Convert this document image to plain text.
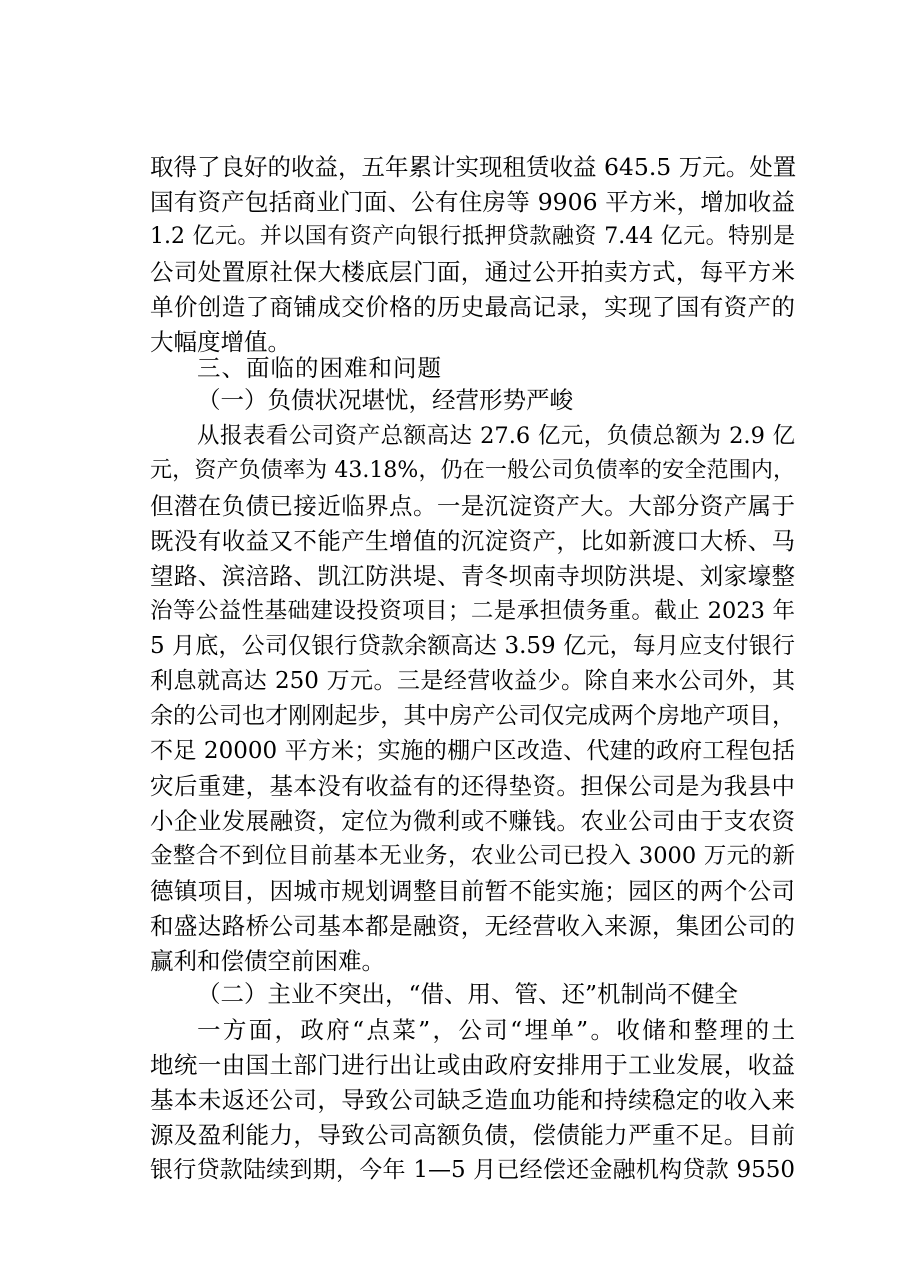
取得了良好的收益，五年累计实现租赁收益 645.5 万元。处置
国有资产包括商业门面、公有住房等 9906 平方米，增加收益
1.2 亿元。并以国有资产向银行抵押贷款融资 7.44 亿元。特别是
公司处置原社保大楼底层门面，通过公开拍卖方式，每平方米
单价创造了商铺成交价格的历史最高记录，实现了国有资产的
大幅度增值。
三、面临的困难和问题
（一）负债状况堪忧，经营形势严峻
从报表看公司资产总额高达 27.6 亿元，负债总额为 2.9 亿
元，资产负债率为 43.18%，仍在一般公司负债率的安全范围内，
但潜在负债已接近临界点。一是沉淀资产大。大部分资产属于
既没有收益又不能产生增值的沉淀资产，比如新渡口大桥、马
望路、滨涪路、凯江防洪堤、青冬坝南寺坝防洪堤、刘家壕整
治等公益性基础建设投资项目；二是承担债务重。截止 2023 年
5 月底，公司仅银行贷款余额高达 3.59 亿元，每月应支付银行
利息就高达 250 万元。三是经营收益少。除自来水公司外，其
余的公司也才刚刚起步，其中房产公司仅完成两个房地产项目，
不足 20000 平方米；实施的棚户区改造、代建的政府工程包括
灾后重建，基本没有收益有的还得垫资。担保公司是为我县中
小企业发展融资，定位为微利或不赚钱。农业公司由于支农资
金整合不到位目前基本无业务，农业公司已投入 3000 万元的新
德镇项目，因城市规划调整目前暂不能实施；园区的两个公司
和盛达路桥公司基本都是融资，无经营收入来源，集团公司的
赢利和偿债空前困难。
（二）主业不突出，“借、用、管、还”机制尚不健全
一方面，政府“点菜”，公司“埋单”。收储和整理的土
地统一由国土部门进行出让或由政府安排用于工业发展，收益
基本未返还公司，导致公司缺乏造血功能和持续稳定的收入来
源及盈利能力，导致公司高额负债，偿债能力严重不足。目前
银行贷款陆续到期，今年 1—5 月已经偿还金融机构贷款 9550
